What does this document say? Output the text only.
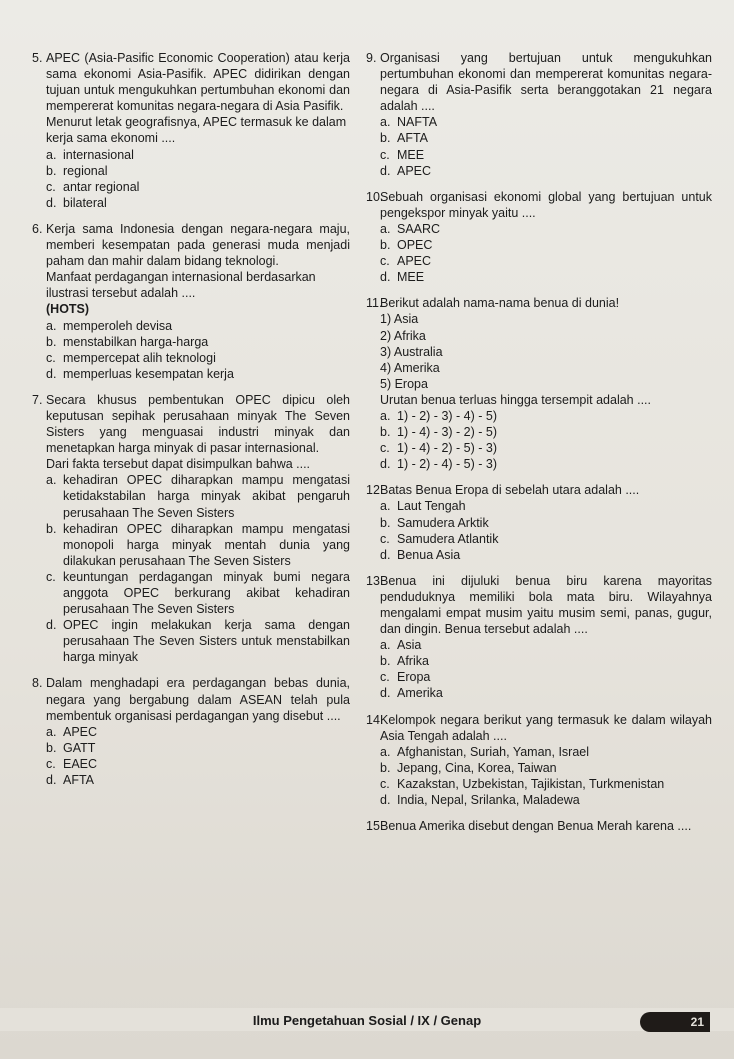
5. APEC (Asia-Pasific Economic Cooperation) atau kerja sama ekonomi Asia-Pasifik. APEC didirikan dengan tujuan untuk mengukuhkan pertumbuhan ekonomi dan mempererat komunitas negara-negara di Asia Pasifik.
Menurut letak geografisnya, APEC termasuk ke dalam kerja sama ekonomi ....
a. internasional
b. regional
c. antar regional
d. bilateral
6. Kerja sama Indonesia dengan negara-negara maju, memberi kesempatan pada generasi muda menjadi paham dan mahir dalam bidang teknologi.
Manfaat perdagangan internasional berdasarkan ilustrasi tersebut adalah ....
(HOTS)
a. memperoleh devisa
b. menstabilkan harga-harga
c. mempercepat alih teknologi
d. memperluas kesempatan kerja
7. Secara khusus pembentukan OPEC dipicu oleh keputusan sepihak perusahaan minyak The Seven Sisters yang menguasai industri minyak dan menetapkan harga minyak di pasar internasional.
Dari fakta tersebut dapat disimpulkan bahwa ....
a. kehadiran OPEC diharapkan mampu mengatasi ketidakstabilan harga minyak akibat pengaruh perusahaan The Seven Sisters
b. kehadiran OPEC diharapkan mampu mengatasi monopoli harga minyak mentah dunia yang dilakukan perusahaan The Seven Sisters
c. keuntungan perdagangan minyak bumi negara anggota OPEC berkurang akibat kehadiran perusahaan The Seven Sisters
d. OPEC ingin melakukan kerja sama dengan perusahaan The Seven Sisters untuk menstabilkan harga minyak
8. Dalam menghadapi era perdagangan bebas dunia, negara yang bergabung dalam ASEAN telah pula membentuk organisasi perdagangan yang disebut ....
a. APEC
b. GATT
c. EAEC
d. AFTA
9. Organisasi yang bertujuan untuk mengukuhkan pertumbuhan ekonomi dan mempererat komunitas negara-negara di Asia-Pasifik serta beranggotakan 21 negara adalah ....
a. NAFTA
b. AFTA
c. MEE
d. APEC
10.
Sebuah organisasi ekonomi global yang bertujuan untuk pengekspor minyak yaitu ....
a. SAARC
b. OPEC
c. APEC
d. MEE
11.
Berikut adalah nama-nama benua di dunia!
1) Asia
2) Afrika
3) Australia
4) Amerika
5) Eropa
Urutan benua terluas hingga tersempit adalah ....
a. 1) - 2) - 3) - 4) - 5)
b. 1) - 4) - 3) - 2) - 5)
c. 1) - 4) - 2) - 5) - 3)
d. 1) - 2) - 4) - 5) - 3)
12.
Batas Benua Eropa di sebelah utara adalah ....
a. Laut Tengah
b. Samudera Arktik
c. Samudera Atlantik
d. Benua Asia
13.
Benua ini dijuluki benua biru karena mayoritas penduduknya memiliki bola mata biru. Wilayahnya mengalami empat musim yaitu musim semi, panas, gugur, dan dingin. Benua tersebut adalah ....
a. Asia
b. Afrika
c. Eropa
d. Amerika
14.
Kelompok negara berikut yang termasuk ke dalam wilayah Asia Tengah adalah ....
a. Afghanistan, Suriah, Yaman, Israel
b. Jepang, Cina, Korea, Taiwan
c. Kazakstan, Uzbekistan, Tajikistan, Turkmenistan
d. India, Nepal, Srilanka, Maladewa
15.
Benua Amerika disebut dengan Benua Merah karena ....
Ilmu Pengetahuan Sosial / IX / Genap	21
